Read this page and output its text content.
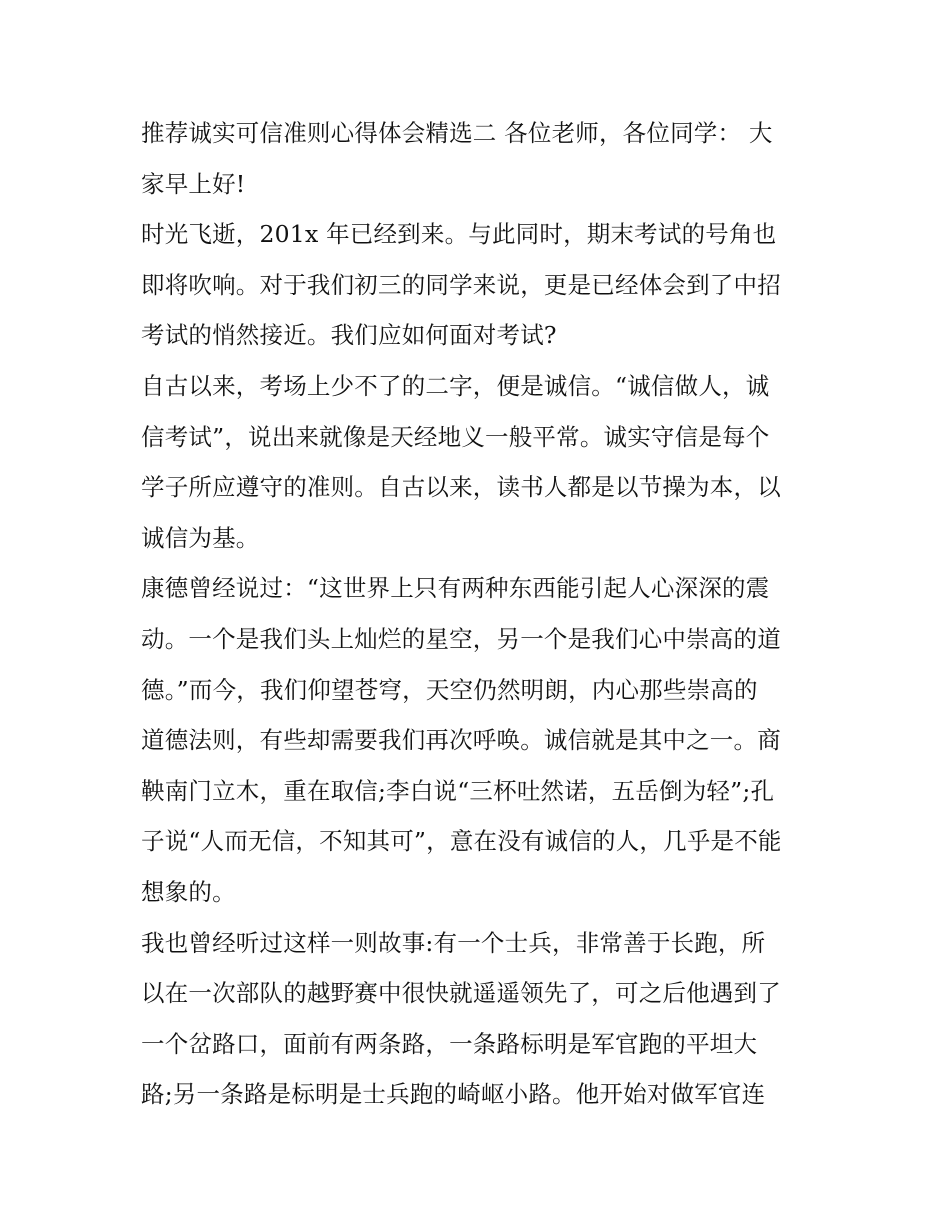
推荐诚实可信准则心得体会精选二 各位老师，各位同学： 大
家早上好!
时光飞逝，201x 年已经到来。与此同时，期末考试的号角也
即将吹响。对于我们初三的同学来说，更是已经体会到了中招
考试的悄然接近。我们应如何面对考试?
自古以来，考场上少不了的二字，便是诚信。“诚信做人，诚
信考试”，说出来就像是天经地义一般平常。诚实守信是每个
学子所应遵守的准则。自古以来，读书人都是以节操为本，以
诚信为基。
康德曾经说过：“这世界上只有两种东西能引起人心深深的震
动。一个是我们头上灿烂的星空，另一个是我们心中崇高的道
德。”而今，我们仰望苍穹，天空仍然明朗，内心那些崇高的
道德法则，有些却需要我们再次呼唤。诚信就是其中之一。商
鞅南门立木，重在取信;李白说“三杯吐然诺，五岳倒为轻”;孔
子说“人而无信，不知其可”，意在没有诚信的人，几乎是不能
想象的。
我也曾经听过这样一则故事:有一个士兵，非常善于长跑，所
以在一次部队的越野赛中很快就遥遥领先了，可之后他遇到了
一个岔路口，面前有两条路，一条路标明是军官跑的平坦大
路;另一条路是标明是士兵跑的崎岖小路。他开始对做军官连
